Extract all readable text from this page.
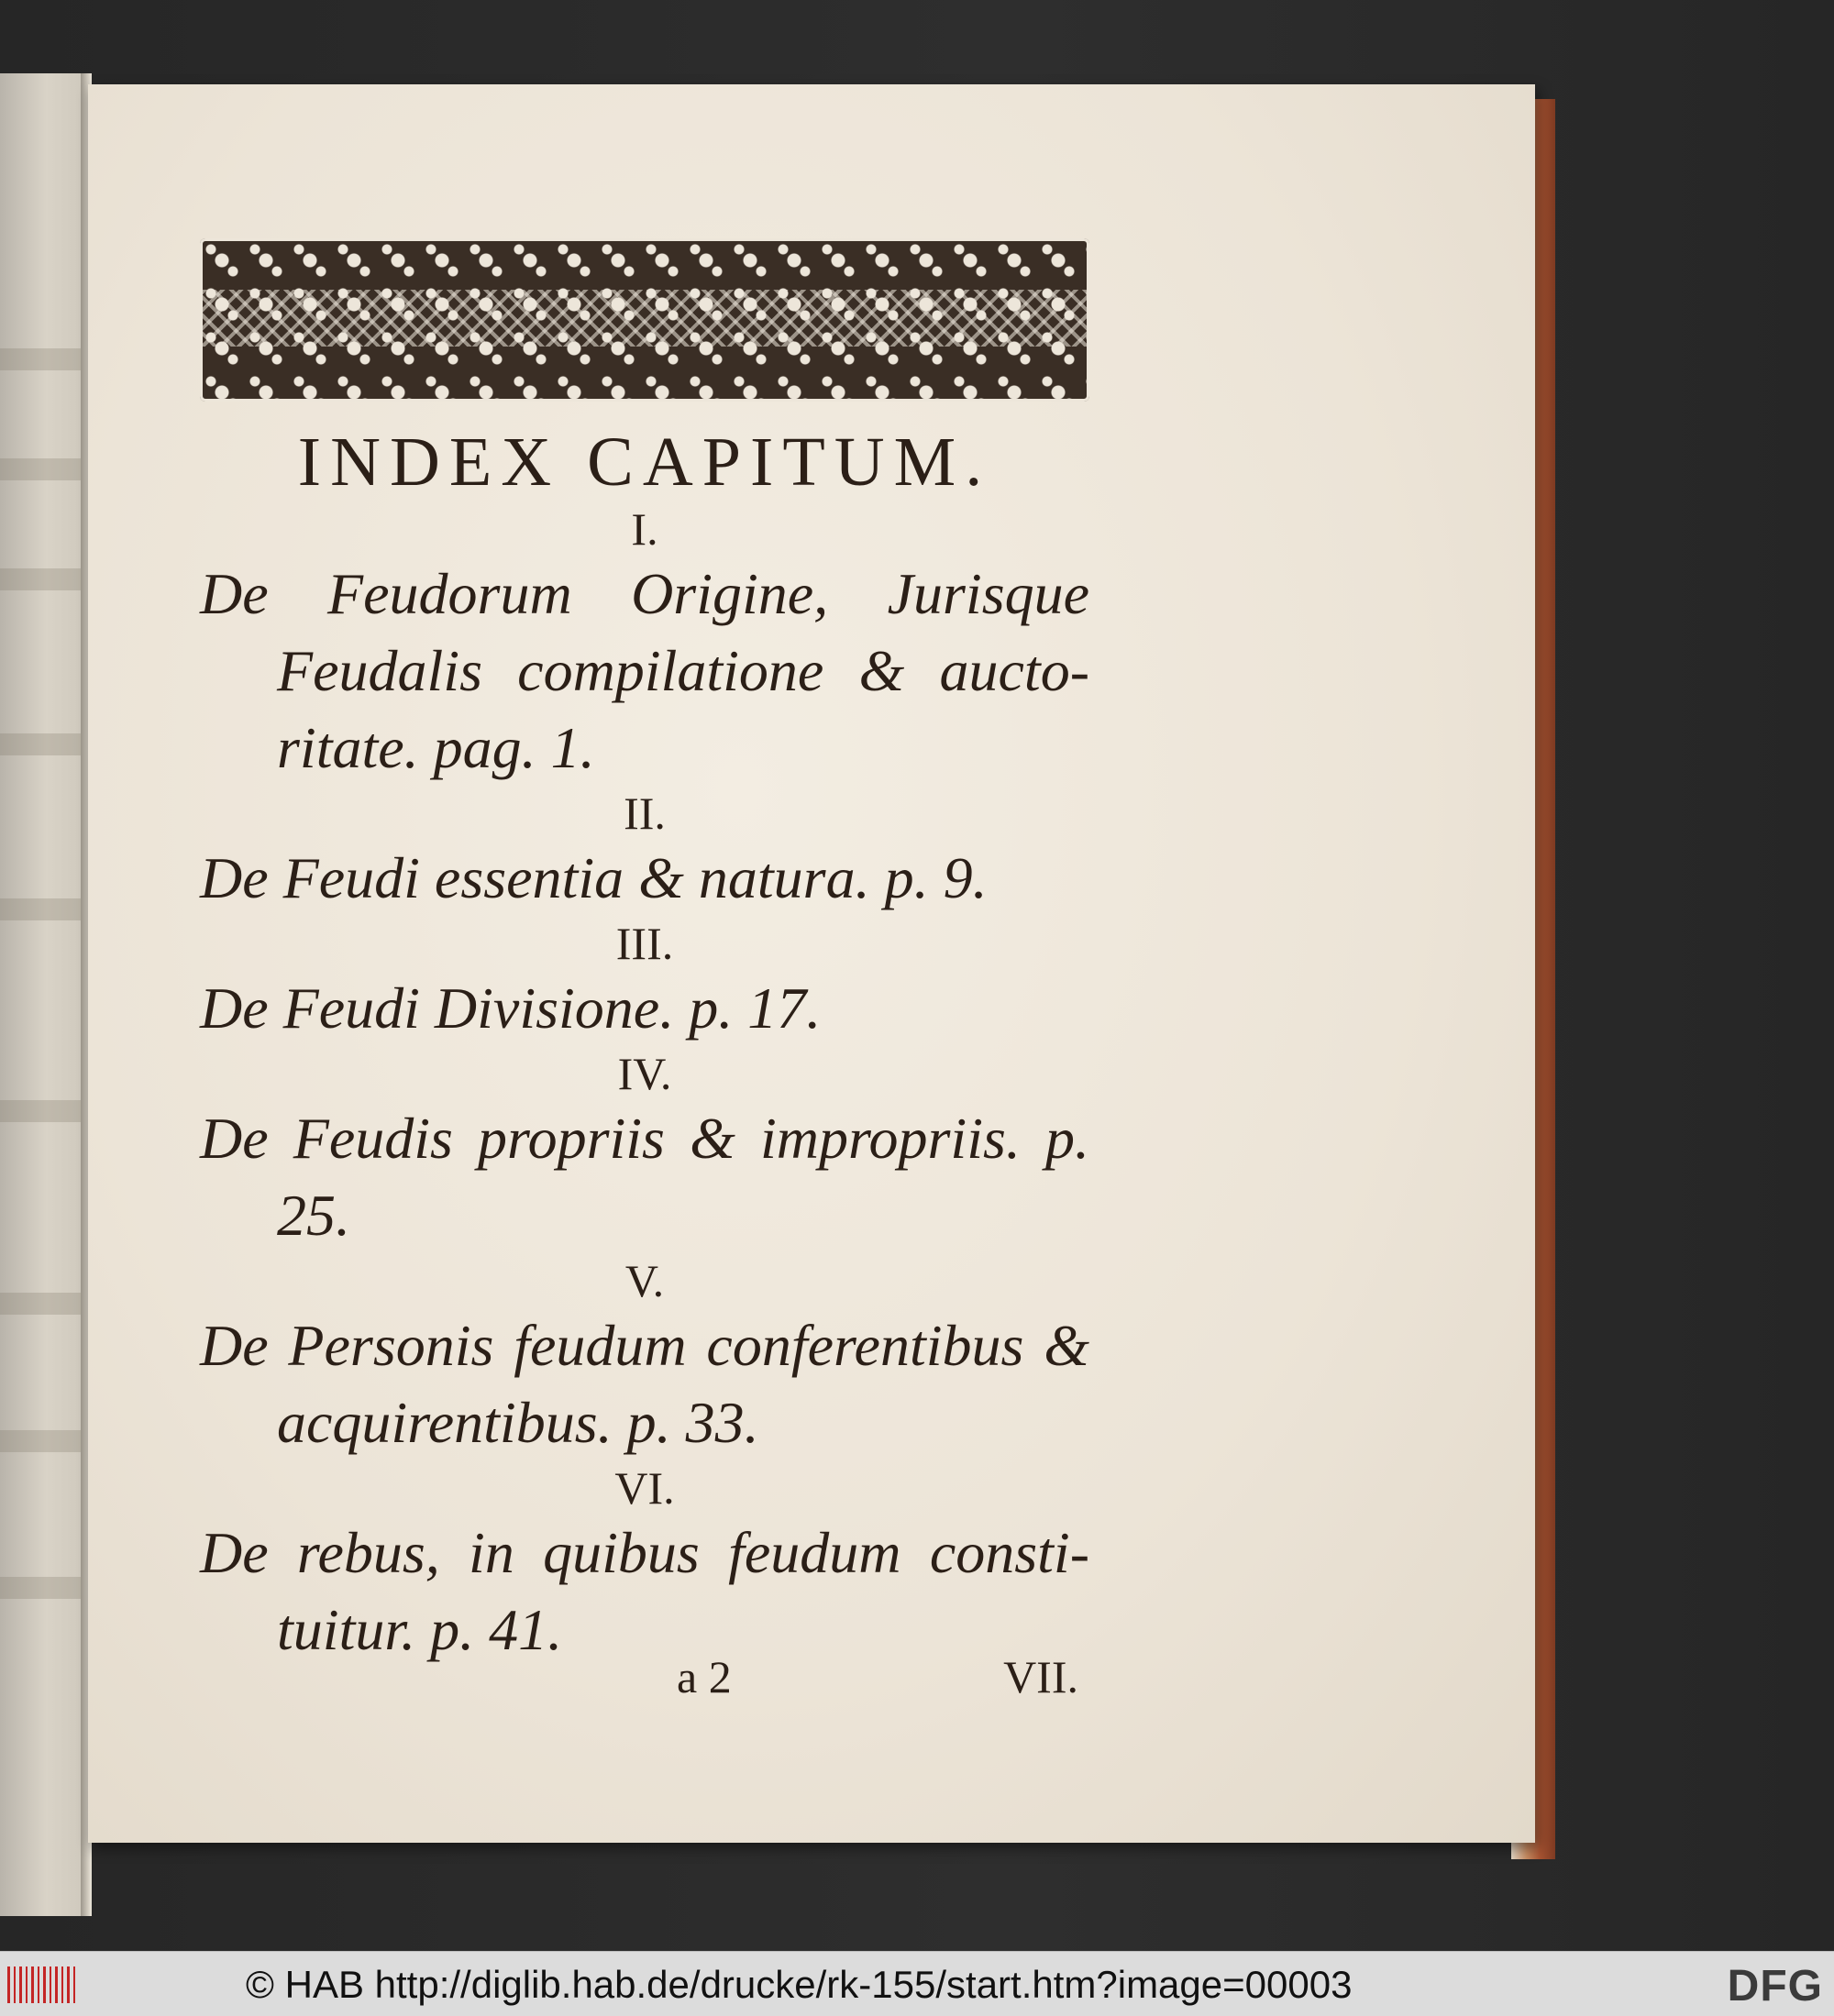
INDEX CAPITUM.
I.
De Feudorum Origine, Jurisque Feudalis compilatione & aucto-ritate. pag. 1.
II.
De Feudi essentia & natura. p. 9.
III.
De Feudi Divisione. p. 17.
IV.
De Feudis propriis & impropriis. p. 25.
V.
De Personis feudum conferentibus & acquirentibus. p. 33.
VI.
De rebus, in quibus feudum consti-tuitur. p. 41.
a 2	VII.
© HAB http://diglib.hab.de/drucke/rk-155/start.htm?image=00003	DFG
